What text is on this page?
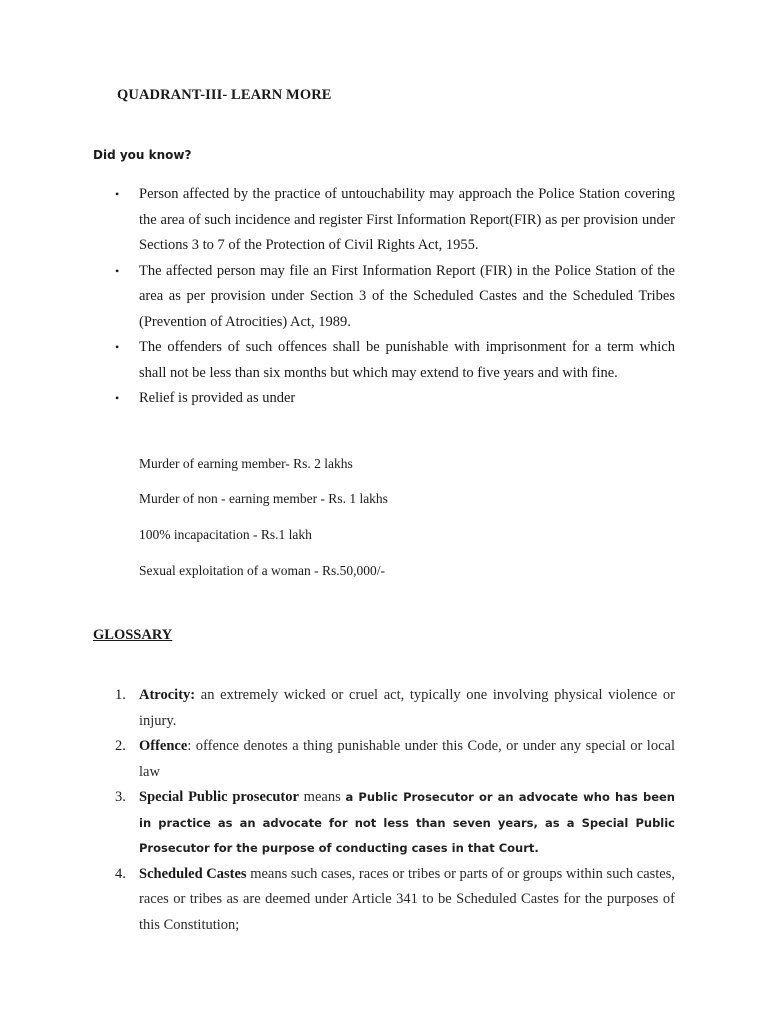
QUADRANT-III- LEARN MORE
Did you know?
• Person affected by the practice of untouchability may approach the Police Station covering the area of such incidence and register First Information Report(FIR) as per provision under Sections 3 to 7 of the Protection of Civil Rights Act, 1955.
• The affected person may file an First Information Report (FIR) in the Police Station of the area as per provision under Section 3 of the Scheduled Castes and the Scheduled Tribes (Prevention of Atrocities) Act, 1989.
• The offenders of such offences shall be punishable with imprisonment for a term which shall not be less than six months but which may extend to five years and with fine.
• Relief is provided as under
Murder of earning member- Rs. 2 lakhs
Murder of non - earning member - Rs. 1 lakhs
100% incapacitation - Rs.1 lakh
Sexual exploitation of a woman - Rs.50,000/-
GLOSSARY
1. Atrocity: an extremely wicked or cruel act, typically one involving physical violence or injury.
2. Offence: offence denotes a thing punishable under this Code, or under any special or local law
3. Special Public prosecutor means a Public Prosecutor or an advocate who has been in practice as an advocate for not less than seven years, as a Special Public Prosecutor for the purpose of conducting cases in that Court.
4. Scheduled Castes means such cases, races or tribes or parts of or groups within such castes, races or tribes as are deemed under Article 341 to be Scheduled Castes for the purposes of this Constitution;
